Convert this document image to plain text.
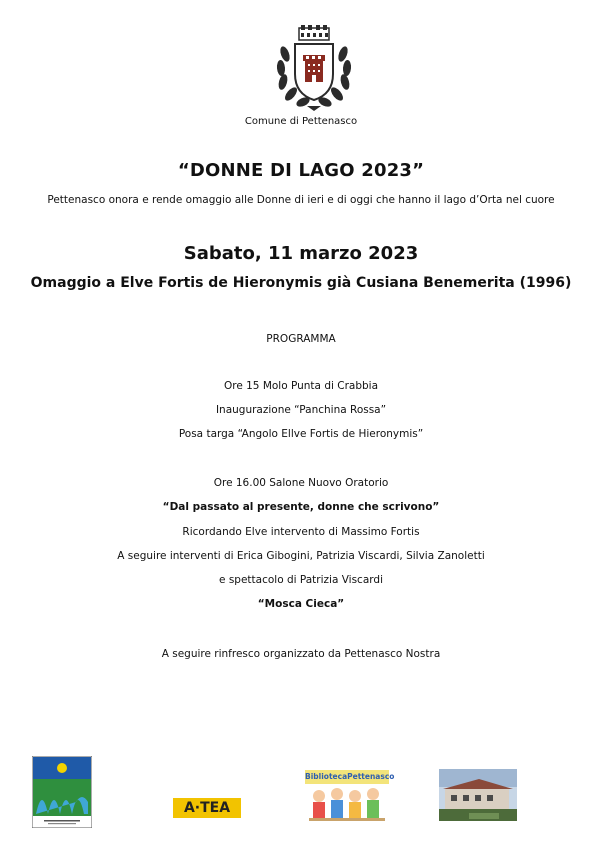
Comune di Pettenasco
“DONNE DI LAGO 2023”
Pettenasco onora e rende omaggio alle Donne di ieri e di oggi che hanno il lago d’Orta nel cuore
Sabato, 11 marzo 2023
Omaggio a Elve Fortis de Hieronymis già Cusiana Benemerita (1996)
PROGRAMMA
Ore 15 Molo Punta di Crabbia
Inaugurazione “Panchina Rossa”
Posa targa “Angolo Ellve Fortis de Hieronymis”
Ore 16.00 Salone Nuovo Oratorio
“Dal passato al presente, donne che scrivono”
Ricordando Elve intervento di Massimo Fortis
A seguire interventi di Erica Gibogini, Patrizia Viscardi, Silvia Zanoletti
e spettacolo di Patrizia Viscardi
“Mosca Cieca”
A seguire rinfresco organizzato da Pettenasco Nostra
A·TEA
BibliotecaPettenasco
